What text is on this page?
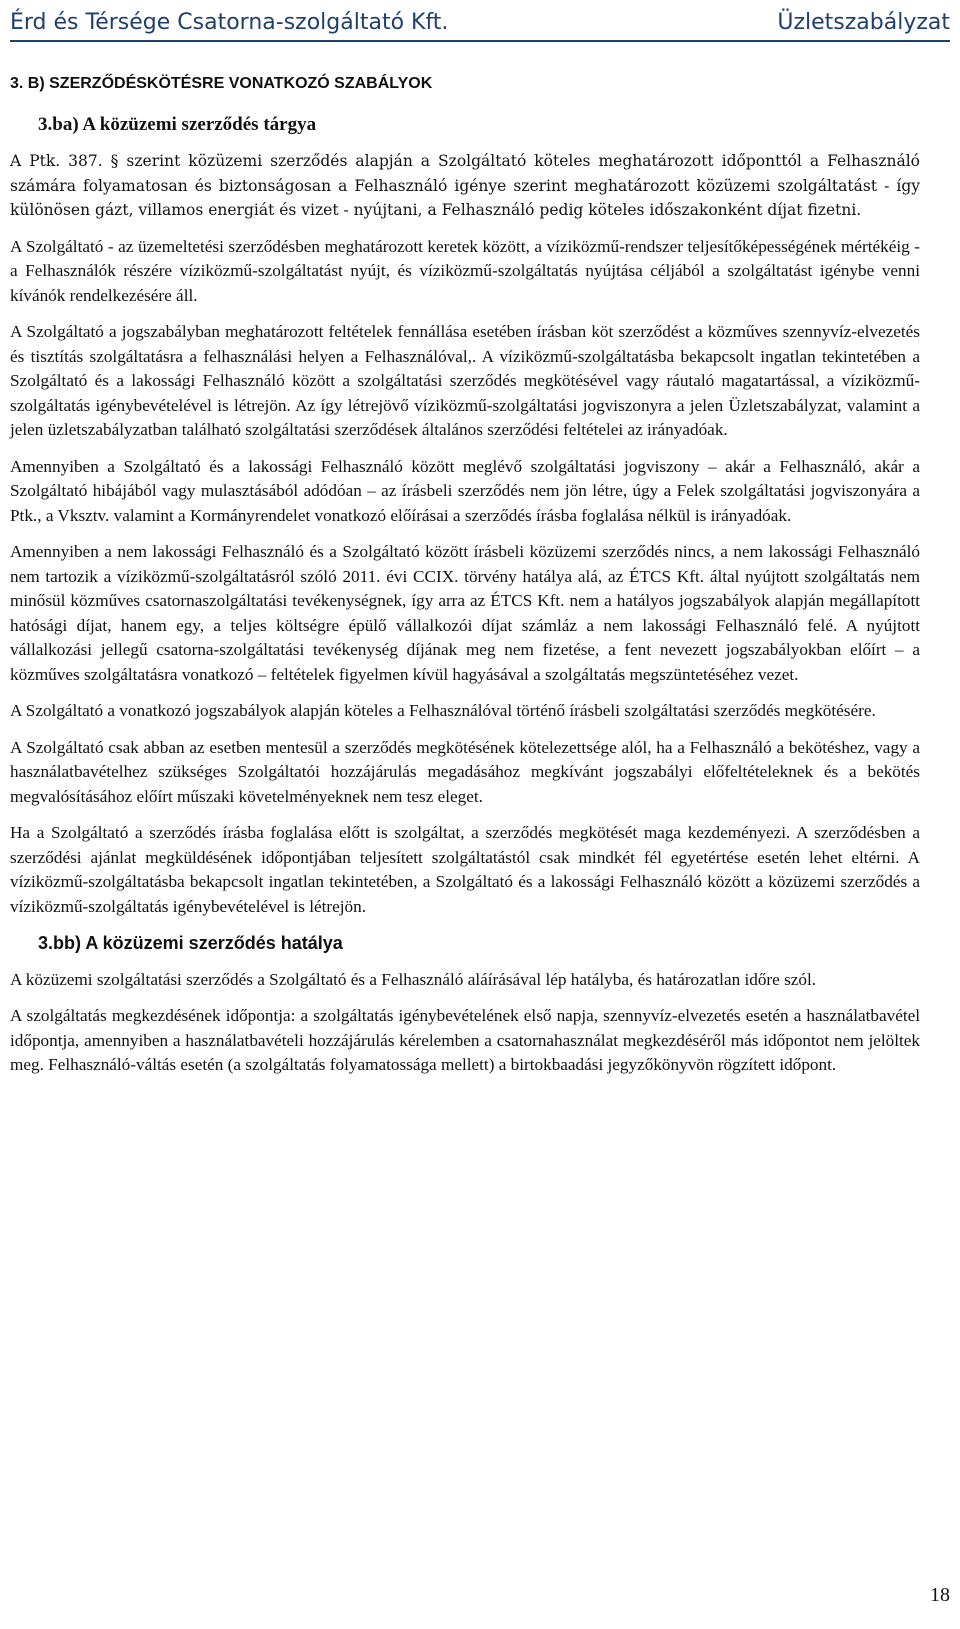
Érd és Térsége Csatorna-szolgáltató Kft.	Üzletszabályzat
3. B) SZERZŐDÉSKÖTÉSRE VONATKOZÓ SZABÁLYOK
3.ba) A közüzemi szerződés tárgya

A Ptk. 387. § szerint közüzemi szerződés alapján a Szolgáltató köteles meghatározott időponttól a Felhasználó számára folyamatosan és biztonságosan a Felhasználó igénye szerint meghatározott közüzemi szolgáltatást - így különösen gázt, villamos energiát és vizet - nyújtani, a Felhasználó pedig köteles időszakonként díjat fizetni.

A Szolgáltató - az üzemeltetési szerződésben meghatározott keretek között, a víziközmű-rendszer teljesítőképességének mértékéig - a Felhasználók részére víziközmű-szolgáltatást nyújt, és víziközmű-szolgáltatás nyújtása céljából a szolgáltatást igénybe venni kívánók rendelkezésére áll.

A Szolgáltató a jogszabályban meghatározott feltételek fennállása esetében írásban köt szerződést a közműves szennyvíz-elvezetés és tisztítás szolgáltatásra a felhasználási helyen a Felhasználóval,. A víziközmű-szolgáltatásba bekapcsolt ingatlan tekintetében a Szolgáltató és a lakossági Felhasználó között a szolgáltatási szerződés megkötésével vagy ráutaló magatartással, a víziközmű-szolgáltatás igénybevételével is létrejön. Az így létrejövő víziközmű-szolgáltatási jogviszonyra a jelen Üzletszabályzat, valamint a jelen üzletszabályzatban található szolgáltatási szerződések általános szerződési feltételei az irányadóak.

Amennyiben a Szolgáltató és a lakossági Felhasználó között meglévő szolgáltatási jogviszony – akár a Felhasználó, akár a Szolgáltató hibájából vagy mulasztásából adódóan – az írásbeli szerződés nem jön létre, úgy a Felek szolgáltatási jogviszonyára a Ptk., a Vksztv. valamint a Kormányrendelet vonatkozó előírásai a szerződés írásba foglalása nélkül is irányadóak.

Amennyiben a nem lakossági Felhasználó és a Szolgáltató között írásbeli közüzemi szerződés nincs, a nem lakossági Felhasználó nem tartozik a víziközmű-szolgáltatásról szóló 2011. évi CCIX. törvény hatálya alá, az ÉTCS Kft. által nyújtott szolgáltatás nem minősül közműves csatornaszolgáltatási tevékenységnek, így arra az ÉTCS Kft. nem a hatályos jogszabályok alapján megállapított hatósági díjat, hanem egy, a teljes költségre épülő vállalkozói díjat számláz a nem lakossági Felhasználó felé. A nyújtott vállalkozási jellegű csatorna-szolgáltatási tevékenység díjának meg nem fizetése, a fent nevezett jogszabályokban előírt – a közműves szolgáltatásra vonatkozó – feltételek figyelmen kívül hagyásával a szolgáltatás megszüntetéséhez vezet.

A Szolgáltató a vonatkozó jogszabályok alapján köteles a Felhasználóval történő írásbeli szolgáltatási szerződés megkötésére.

A Szolgáltató csak abban az esetben mentesül a szerződés megkötésének kötelezettsége alól, ha a Felhasználó a bekötéshez, vagy a használatbavételhez szükséges Szolgáltatói hozzájárulás megadásához megkívánt jogszabályi előfeltételeknek és a bekötés megvalósításához előírt műszaki követelményeknek nem tesz eleget.

Ha a Szolgáltató a szerződés írásba foglalása előtt is szolgáltat, a szerződés megkötését maga kezdeményezi. A szerződésben a szerződési ajánlat megküldésének időpontjában teljesített szolgáltatástól csak mindkét fél egyetértése esetén lehet eltérni. A víziközmű-szolgáltatásba bekapcsolt ingatlan tekintetében, a Szolgáltató és a lakossági Felhasználó között a közüzemi szerződés a víziközmű-szolgáltatás igénybevételével is létrejön.

3.bb) A közüzemi szerződés hatálya

A közüzemi szolgáltatási szerződés a Szolgáltató és a Felhasználó aláírásával lép hatályba, és határozatlan időre szól.

A szolgáltatás megkezdésének időpontja: a szolgáltatás igénybevételének első napja, szennyvíz-elvezetés esetén a használatbavétel időpontja, amennyiben a használatbavételi hozzájárulás kérelemben a csatornahasználat megkezdéséről más időpontot nem jelöltek meg. Felhasználó-váltás esetén (a szolgáltatás folyamatossága mellett) a birtokbaadási jegyzőkönyvön rögzített időpont.

18
